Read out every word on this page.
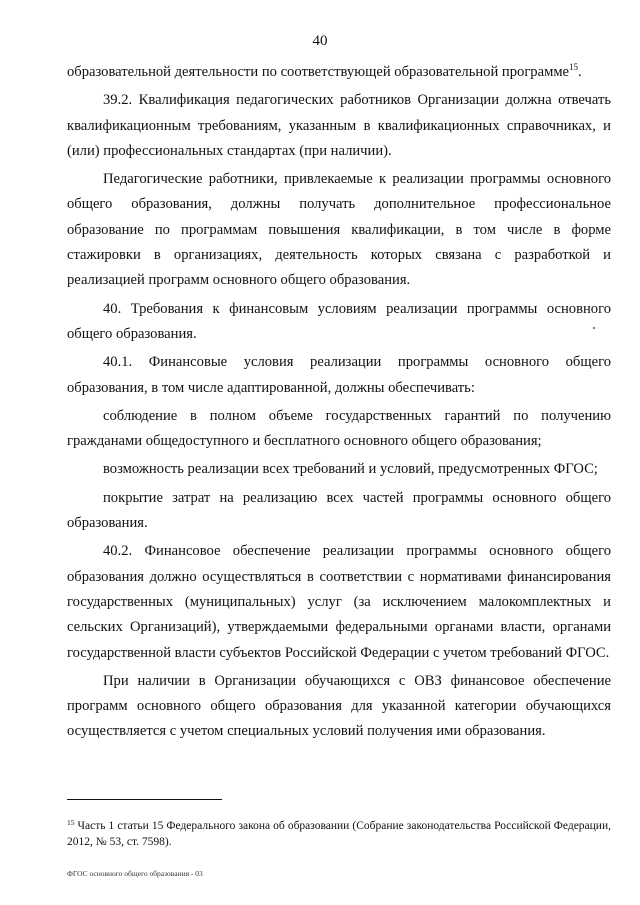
40

образовательной деятельности по соответствующей образовательной программе$^{15}$.

39.2. Квалификация педагогических работников Организации должна отвечать квалификационным требованиям, указанным в квалификационных справочниках, и (или) профессиональных стандартах (при наличии).

Педагогические работники, привлекаемые к реализации программы основного общего образования, должны получать дополнительное профессиональное образование по программам повышения квалификации, в том числе в форме стажировки в организациях, деятельность которых связана с разработкой и реализацией программ основного общего образования.

40. Требования к финансовым условиям реализации программы основного общего образования.

40.1. Финансовые условия реализации программы основного общего образования, в том числе адаптированной, должны обеспечивать:

соблюдение в полном объеме государственных гарантий по получению гражданами общедоступного и бесплатного основного общего образования;

возможность реализации всех требований и условий, предусмотренных ФГОС;

покрытие затрат на реализацию всех частей программы основного общего образования.

40.2. Финансовое обеспечение реализации программы основного общего образования должно осуществляться в соответствии с нормативами финансирования государственных (муниципальных) услуг (за исключением малокомплектных и сельских Организаций), утверждаемыми федеральными органами власти, органами государственной власти субъектов Российской Федерации с учетом требований ФГОС.

При наличии в Организации обучающихся с ОВЗ финансовое обеспечение программ основного общего образования для указанной категории обучающихся осуществляется с учетом специальных условий получения ими образования.

$^{15}$ Часть 1 статьи 15 Федерального закона об образовании (Собрание законодательства Российской Федерации, 2012, № 53, ст. 7598).
ФГОС основного общего образования - 03
